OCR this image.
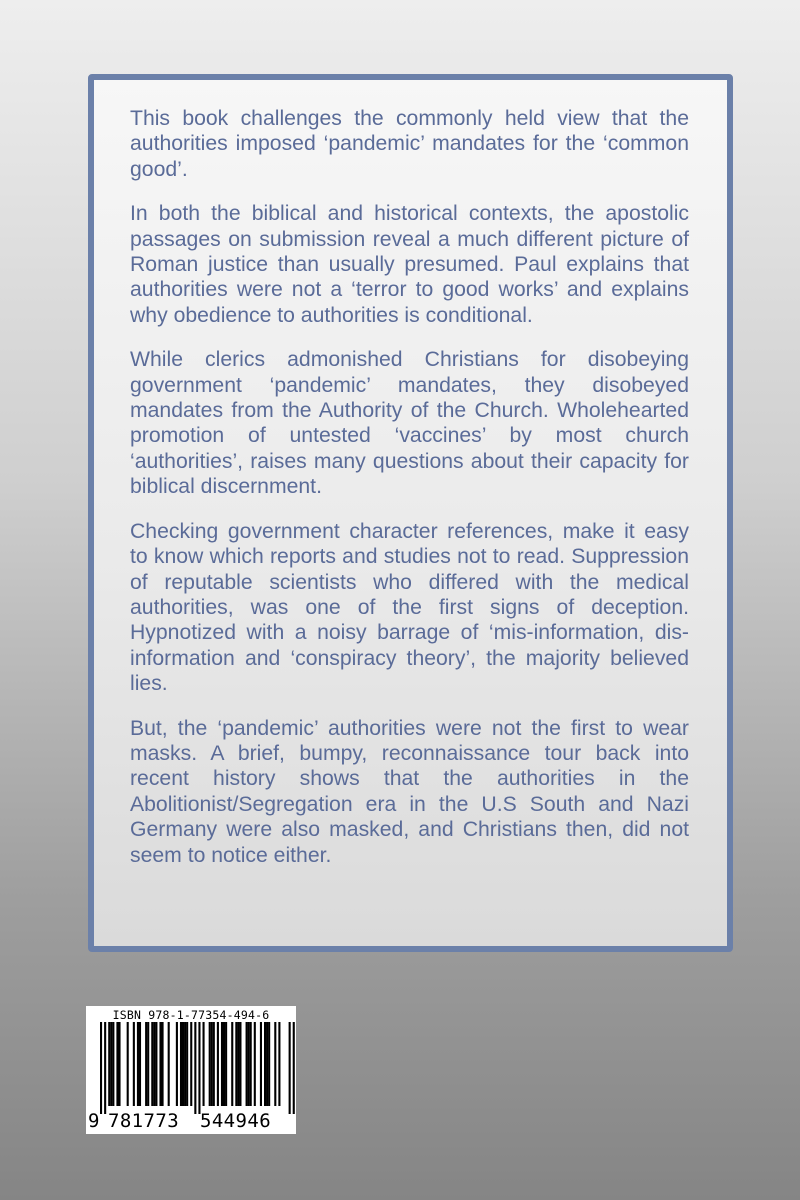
This book challenges the commonly held view that the authorities imposed ‘pandemic’ mandates for the ‘common good’.

In both the biblical and historical contexts, the apostolic passages on submission reveal a much different picture of Roman justice than usually presumed. Paul explains that authorities were not a ‘terror to good works’ and explains why obedience to authorities is conditional.

While clerics admonished Christians for disobeying government ‘pandemic’ mandates, they disobeyed mandates from the Authority of the Church. Wholehearted promotion of untested ‘vaccines’ by most church ‘authorities’, raises many questions about their capacity for biblical discernment.

Checking government character references, make it easy to know which reports and studies not to read. Suppression of reputable scientists who differed with the medical authorities, was one of the first signs of deception. Hypnotized with a noisy barrage of ‘mis-information, dis-information and ‘conspiracy theory’, the majority believed lies.

But, the ‘pandemic’ authorities were not the first to wear masks. A brief, bumpy, reconnaissance tour back into recent history shows that the authorities in the Abolitionist/Segregation era in the U.S South and Nazi Germany were also masked, and Christians then, did not seem to notice either.

ISBN 978-1-77354-494-6
9 781773 544946
